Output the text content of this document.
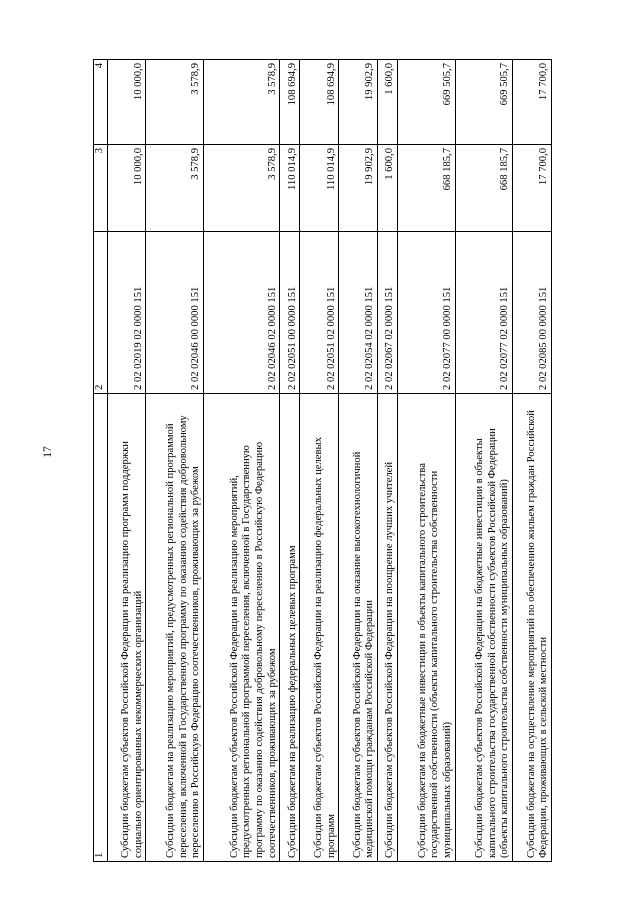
17
1	2	3	4
Субсидии бюджетам субъектов Российской Федерации на реализацию программ поддержки социально ориентированных некоммерческих организаций	2 02 02019 02 0000 151	10 000,0	10 000,0
Субсидии бюджетам на реализацию мероприятий, предусмотренных региональной программой переселения, включенной в Государственную программу по оказанию содействия добровольному переселению в Российскую Федерацию соотечественников, проживающих за рубежом	2 02 02046 00 0000 151	3 578,9	3 578,9
Субсидии бюджетам субъектов Российской Федерации на реализацию мероприятий, предусмотренных региональной программой переселения, включенной в Государственную программу по оказанию содействия добровольному переселению в Российскую Федерацию соотечественников, проживающих за рубежом	2 02 02046 02 0000 151	3 578,9	3 578,9
Субсидии бюджетам на реализацию федеральных целевых программ	2 02 02051 00 0000 151	110 014,9	108 694,9
Субсидии бюджетам субъектов Российской Федерации на реализацию федеральных целевых программ	2 02 02051 02 0000 151	110 014,9	108 694,9
Субсидии бюджетам субъектов Российской Федерации на оказание высокотехнологичной медицинской помощи гражданам Российской Федерации	2 02 02054 02 0000 151	19 902,9	19 902,9
Субсидии бюджетам субъектов Российской Федерации на поощрение лучших учителей	2 02 02067 02 0000 151	1 600,0	1 600,0
Субсидии бюджетам на бюджетные инвестиции в объекты капитального строительства государственной собственности (объекты капитального строительства собственности муниципальных образований)	2 02 02077 00 0000 151	668 185,7	669 505,7
Субсидии бюджетам субъектов Российской Федерации на бюджетные инвестиции в объекты капитального строительства государственной собственности субъектов Российской Федерации (объекты капитального строительства собственности муниципальных образований)	2 02 02077 02 0000 151	668 185,7	669 505,7
Субсидии бюджетам на осуществление мероприятий по обеспечению жильем граждан Российской Федерации, проживающих в сельской местности	2 02 02085 00 0000 151	17 700,0	17 700,0
